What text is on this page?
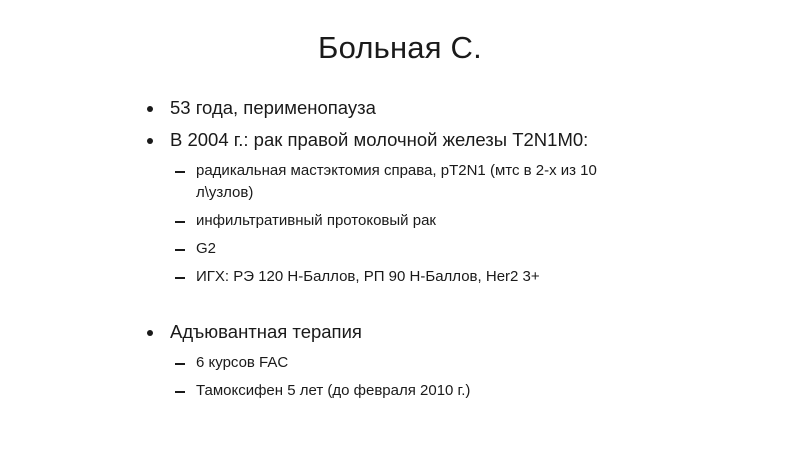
Больная С.
53 года, перименопауза
В 2004 г.: рак правой молочной железы T2N1M0:
радикальная мастэктомия справа, pT2N1 (мтс в 2-х из 10
л\узлов)
инфильтративный протоковый рак
G2
ИГХ: РЭ 120 Н-Баллов, РП 90 Н-Баллов, Her2 3+
Адъювантная терапия
6 курсов FAC
Тамоксифен 5 лет (до февраля 2010 г.)
